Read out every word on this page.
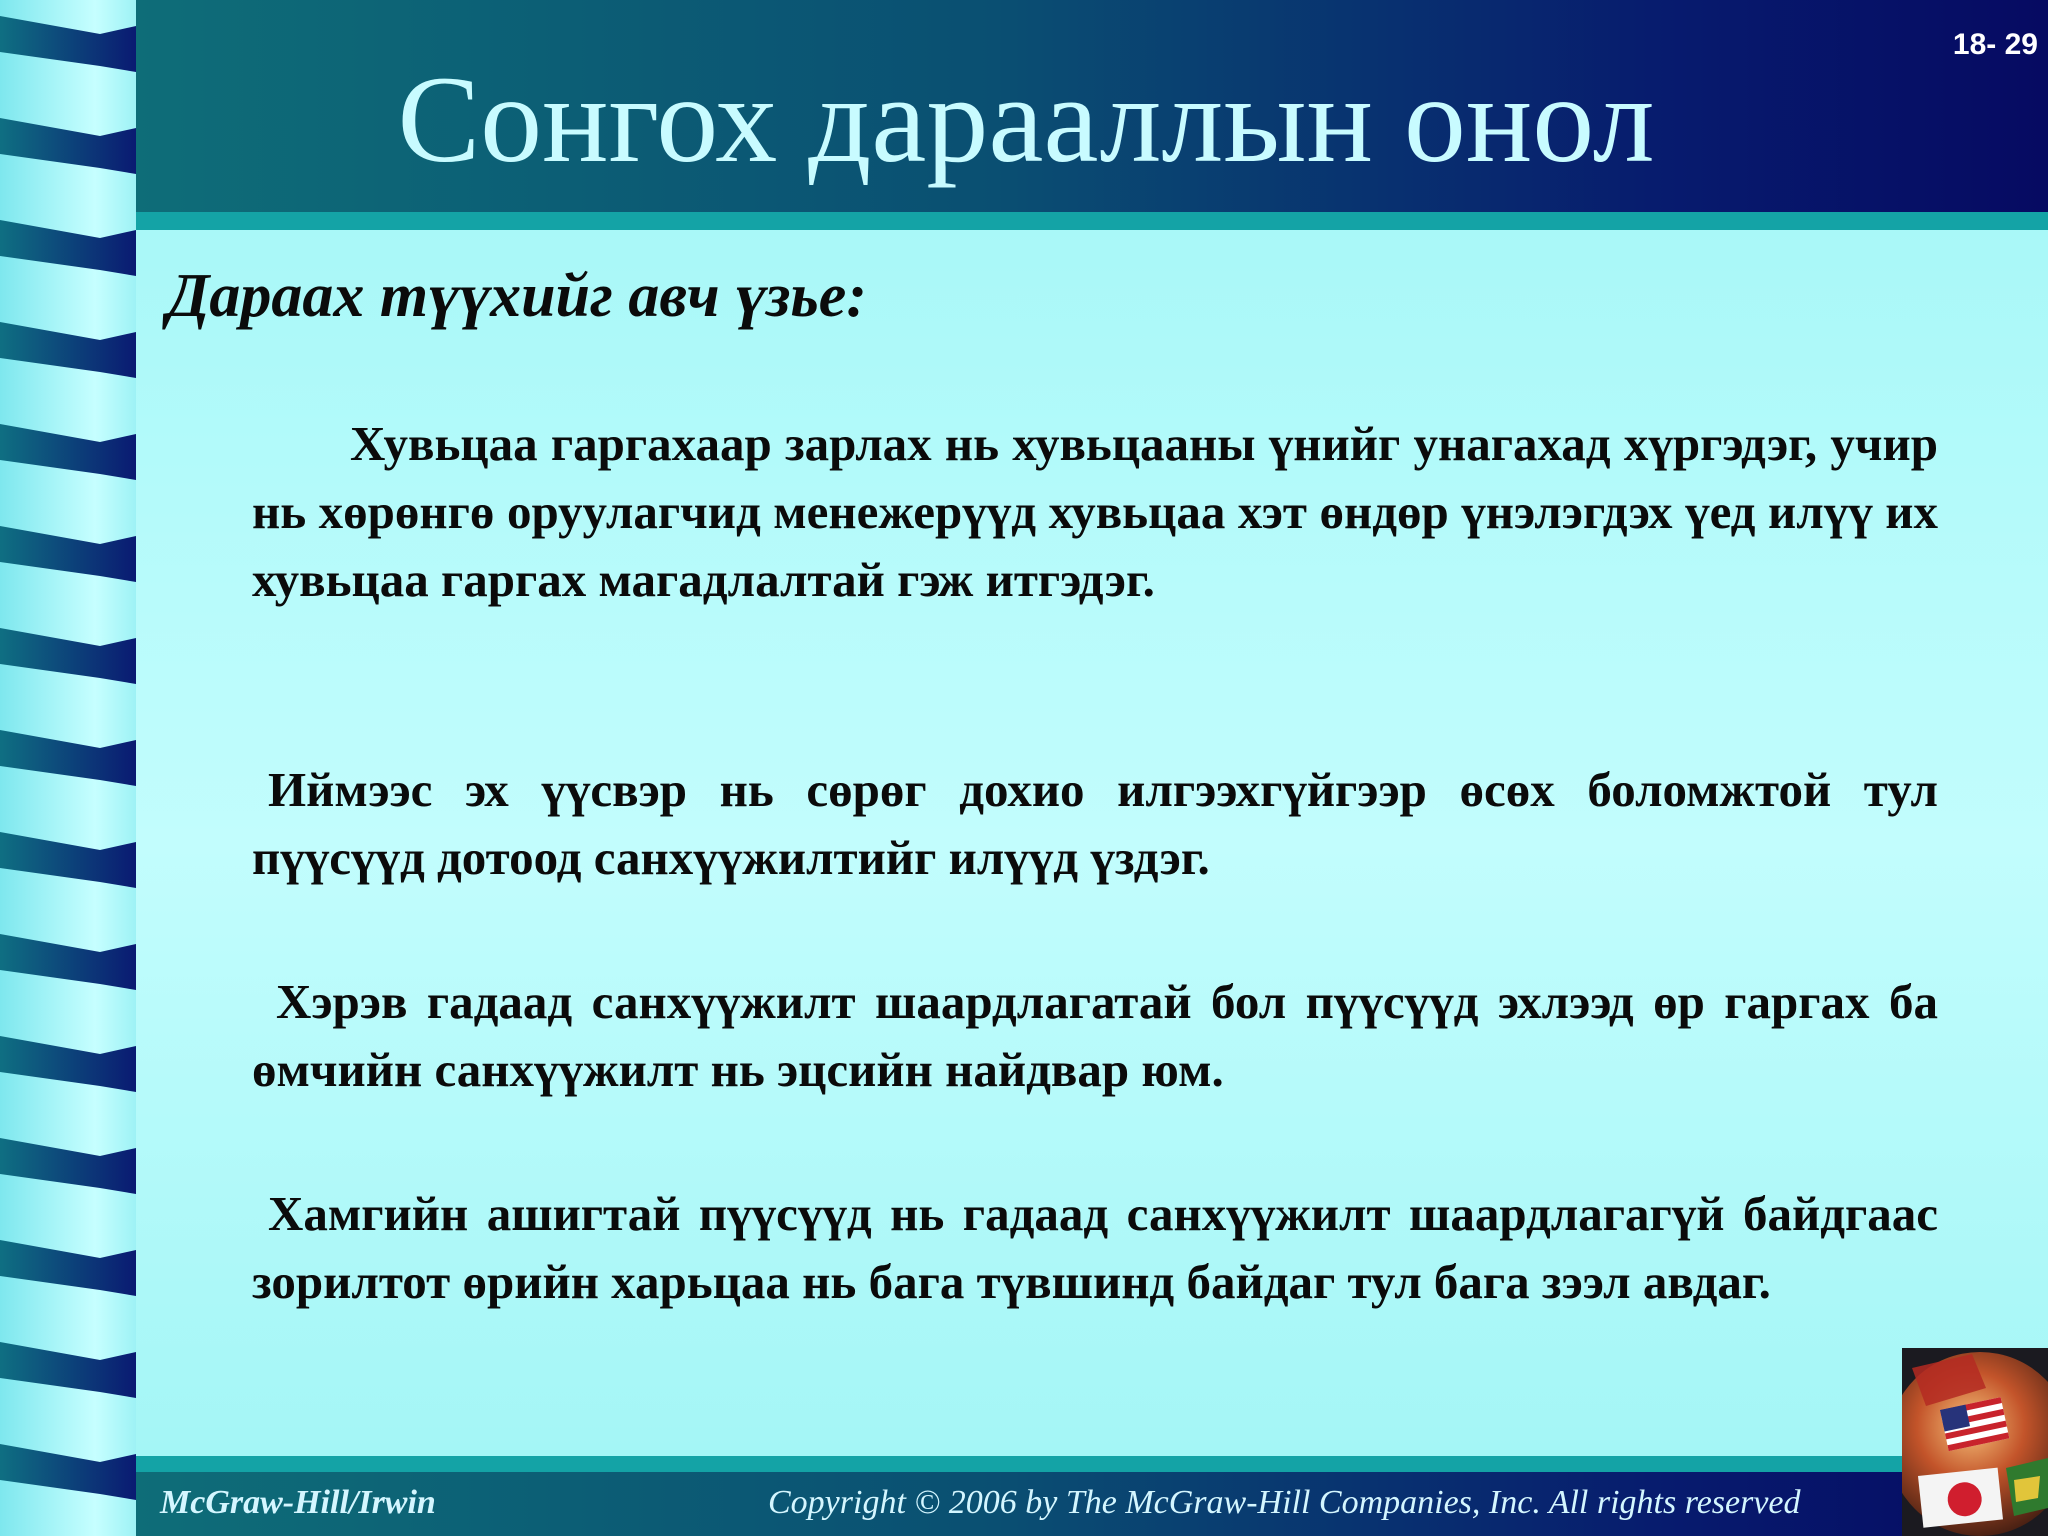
18- 29
Сонгох дарааллын онол
Дараах түүхийг авч үзье:

Хувьцаа гаргахаар зарлах нь хувьцааны үнийг унагахад хүргэдэг, учир нь хөрөнгө оруулагчид менежерүүд хувьцаа хэт өндөр үнэлэгдэх үед илүү их хувьцаа гаргах магадлалтай гэж итгэдэг.

Иймээс эх үүсвэр нь сөрөг дохио илгээхгүйгээр өсөх боломжтой тул пүүсүүд дотоод санхүүжилтийг илүүд үздэг.

Хэрэв гадаад санхүүжилт шаардлагатай бол пүүсүүд эхлээд өр гаргах ба өмчийн санхүүжилт нь эцсийн найдвар юм.

Хамгийн ашигтай пүүсүүд нь гадаад санхүүжилт шаардлагагүй байдгаас зорилтот өрийн харьцаа нь бага түвшинд байдаг тул бага зээл авдаг.

McGraw-Hill/Irwin	Copyright © 2006 by The McGraw-Hill Companies, Inc. All rights reserved
